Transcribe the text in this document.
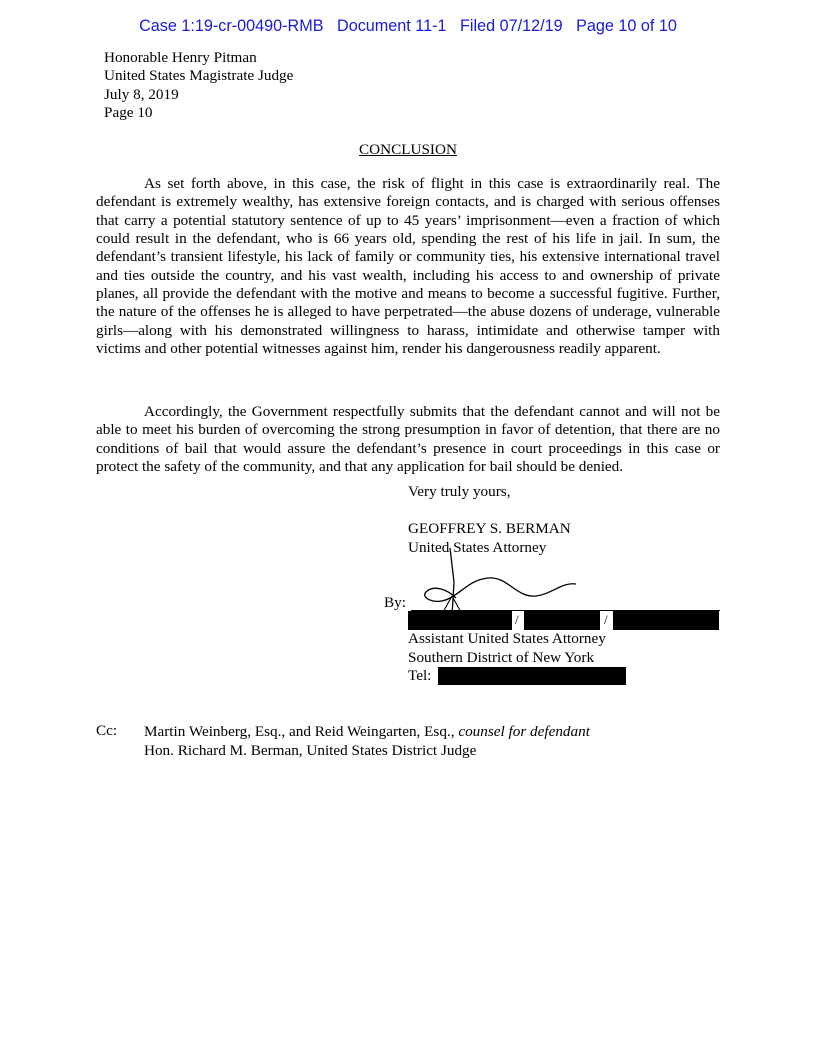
Case 1:19-cr-00490-RMB Document 11-1 Filed 07/12/19 Page 10 of 10
Honorable Henry Pitman
United States Magistrate Judge
July 8, 2019
Page 10
CONCLUSION
As set forth above, in this case, the risk of flight in this case is extraordinarily real. The defendant is extremely wealthy, has extensive foreign contacts, and is charged with serious offenses that carry a potential statutory sentence of up to 45 years’ imprisonment—even a fraction of which could result in the defendant, who is 66 years old, spending the rest of his life in jail. In sum, the defendant’s transient lifestyle, his lack of family or community ties, his extensive international travel and ties outside the country, and his vast wealth, including his access to and ownership of private planes, all provide the defendant with the motive and means to become a successful fugitive. Further, the nature of the offenses he is alleged to have perpetrated—the abuse dozens of underage, vulnerable girls—along with his demonstrated willingness to harass, intimidate and otherwise tamper with victims and other potential witnesses against him, render his dangerousness readily apparent.
Accordingly, the Government respectfully submits that the defendant cannot and will not be able to meet his burden of overcoming the strong presumption in favor of detention, that there are no conditions of bail that would assure the defendant’s presence in court proceedings in this case or protect the safety of the community, and that any application for bail should be denied.
Very truly yours,
GEOFFREY S. BERMAN
United States Attorney
By:
/	/
Assistant United States Attorney
Southern District of New York
Tel:
Cc: Martin Weinberg, Esq., and Reid Weingarten, Esq., counsel for defendant
Hon. Richard M. Berman, United States District Judge
